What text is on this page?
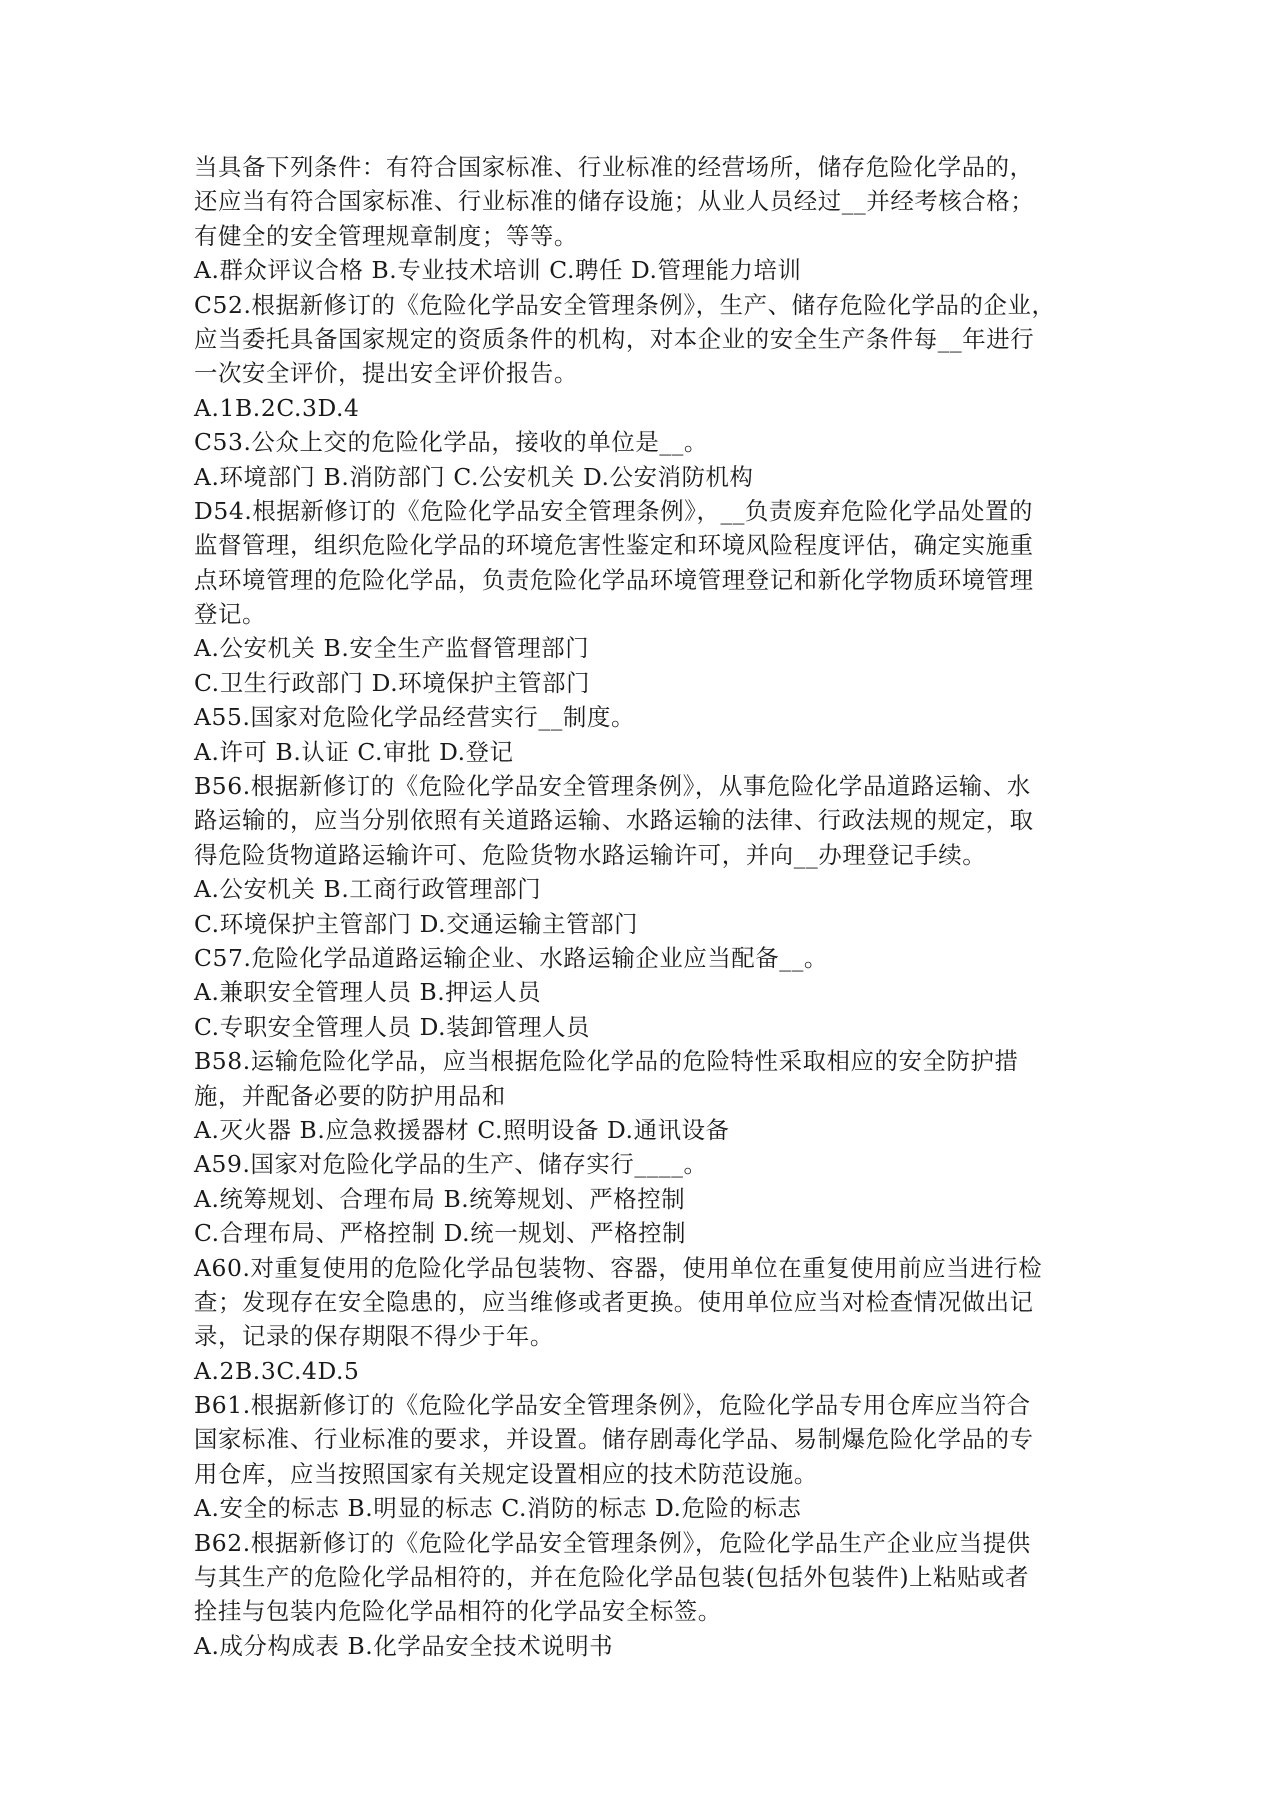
当具备下列条件：有符合国家标准、行业标准的经营场所，储存危险化学品的，
还应当有符合国家标准、行业标准的储存设施；从业人员经过__并经考核合格；
有健全的安全管理规章制度；等等。
A.群众评议合格 B.专业技术培训 C.聘任 D.管理能力培训
C52.根据新修订的《危险化学品安全管理条例》，生产、储存危险化学品的企业，
应当委托具备国家规定的资质条件的机构，对本企业的安全生产条件每__年进行
一次安全评价，提出安全评价报告。
A.1B.2C.3D.4
C53.公众上交的危险化学品，接收的单位是__。
A.环境部门 B.消防部门 C.公安机关 D.公安消防机构
D54.根据新修订的《危险化学品安全管理条例》，__负责废弃危险化学品处置的
监督管理，组织危险化学品的环境危害性鉴定和环境风险程度评估，确定实施重
点环境管理的危险化学品，负责危险化学品环境管理登记和新化学物质环境管理
登记。
A.公安机关 B.安全生产监督管理部门
C.卫生行政部门 D.环境保护主管部门
A55.国家对危险化学品经营实行__制度。
A.许可 B.认证 C.审批 D.登记
B56.根据新修订的《危险化学品安全管理条例》，从事危险化学品道路运输、水
路运输的，应当分别依照有关道路运输、水路运输的法律、行政法规的规定，取
得危险货物道路运输许可、危险货物水路运输许可，并向__办理登记手续。
A.公安机关 B.工商行政管理部门
C.环境保护主管部门 D.交通运输主管部门
C57.危险化学品道路运输企业、水路运输企业应当配备__。
A.兼职安全管理人员 B.押运人员
C.专职安全管理人员 D.装卸管理人员
B58.运输危险化学品，应当根据危险化学品的危险特性采取相应的安全防护措
施，并配备必要的防护用品和
A.灭火器 B.应急救援器材 C.照明设备 D.通讯设备
A59.国家对危险化学品的生产、储存实行____。
A.统筹规划、合理布局 B.统筹规划、严格控制
C.合理布局、严格控制 D.统一规划、严格控制
A60.对重复使用的危险化学品包装物、容器，使用单位在重复使用前应当进行检
查；发现存在安全隐患的，应当维修或者更换。使用单位应当对检查情况做出记
录，记录的保存期限不得少于年。
A.2B.3C.4D.5
B61.根据新修订的《危险化学品安全管理条例》，危险化学品专用仓库应当符合
国家标准、行业标准的要求，并设置。储存剧毒化学品、易制爆危险化学品的专
用仓库，应当按照国家有关规定设置相应的技术防范设施。
A.安全的标志 B.明显的标志 C.消防的标志 D.危险的标志
B62.根据新修订的《危险化学品安全管理条例》，危险化学品生产企业应当提供
与其生产的危险化学品相符的，并在危险化学品包装(包括外包装件)上粘贴或者
拴挂与包装内危险化学品相符的化学品安全标签。
A.成分构成表 B.化学品安全技术说明书
